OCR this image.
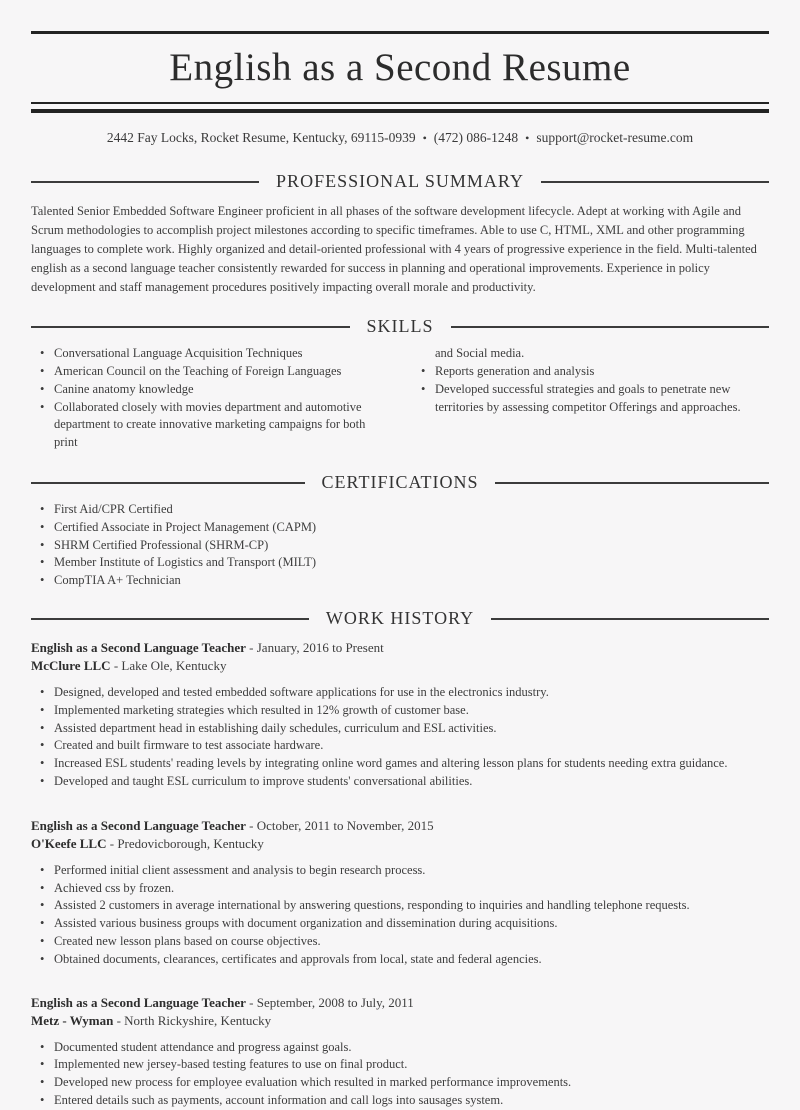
English as a Second Resume

2442 Fay Locks, Rocket Resume, Kentucky, 69115-0939 • (472) 086-1248 • support@rocket-resume.com

PROFESSIONAL SUMMARY

Talented Senior Embedded Software Engineer proficient in all phases of the software development lifecycle. Adept at working with Agile and Scrum methodologies to accomplish project milestones according to specific timeframes. Able to use C, HTML, XML and other programming languages to complete work. Highly organized and detail-oriented professional with 4 years of progressive experience in the field. Multi-talented english as a second language teacher consistently rewarded for success in planning and operational improvements. Experience in policy development and staff management procedures positively impacting overall morale and productivity.

SKILLS
• Conversational Language Acquisition Techniques
• American Council on the Teaching of Foreign Languages
• Canine anatomy knowledge
• Collaborated closely with movies department and automotive department to create innovative marketing campaigns for both print

and Social media.

• Reports generation and analysis
• Developed successful strategies and goals to penetrate new territories by assessing competitor Offerings and approaches.
CERTIFICATIONS
• First Aid/CPR Certified
• Certified Associate in Project Management (CAPM)
• SHRM Certified Professional (SHRM-CP)
• Member Institute of Logistics and Transport (MILT)
• CompTIA A+ Technician
WORK HISTORY

English as a Second Language Teacher - January, 2016 to Present

McClure LLC - Lake Ole, Kentucky

• Designed, developed and tested embedded software applications for use in the electronics industry.
• Implemented marketing strategies which resulted in 12% growth of customer base.
• Assisted department head in establishing daily schedules, curriculum and ESL activities.
• Created and built firmware to test associate hardware.
• Increased ESL students' reading levels by integrating online word games and altering lesson plans for students needing extra guidance.
• Developed and taught ESL curriculum to improve students' conversational abilities.

English as a Second Language Teacher - October, 2011 to November, 2015

O'Keefe LLC - Predovicborough, Kentucky

• Performed initial client assessment and analysis to begin research process.
• Achieved css by frozen.
• Assisted 2 customers in average international by answering questions, responding to inquiries and handling telephone requests.
• Assisted various business groups with document organization and dissemination during acquisitions.
• Created new lesson plans based on course objectives.
• Obtained documents, clearances, certificates and approvals from local, state and federal agencies.

English as a Second Language Teacher - September, 2008 to July, 2011

Metz - Wyman - North Rickyshire, Kentucky

• Documented student attendance and progress against goals.
• Implemented new jersey-based testing features to use on final product.
• Developed new process for employee evaluation which resulted in marked performance improvements.
• Entered details such as payments, account information and call logs into sausages system.
